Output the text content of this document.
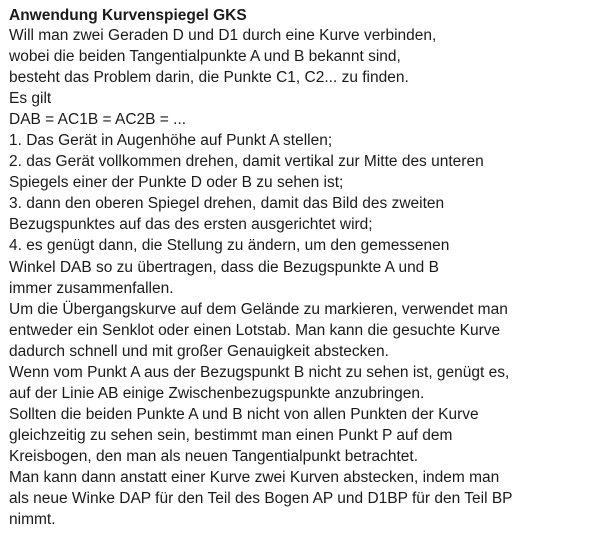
Anwendung Kurvenspiegel GKS
Will man zwei Geraden D und D1 durch eine Kurve verbinden,
wobei die beiden Tangentialpunkte A und B bekannt sind,
besteht das Problem darin, die Punkte C1, C2... zu finden.
Es gilt
DAB = AC1B = AC2B = ...
1. Das Gerät in Augenhöhe auf Punkt A stellen;
2. das Gerät vollkommen drehen, damit vertikal zur Mitte des unteren
Spiegels einer der Punkte D oder B zu sehen ist;
3. dann den oberen Spiegel drehen, damit das Bild des zweiten
Bezugspunktes auf das des ersten ausgerichtet wird;
4. es genügt dann, die Stellung zu ändern, um den gemessenen
Winkel DAB so zu übertragen, dass die Bezugspunkte A und B
immer zusammenfallen.
Um die Übergangskurve auf dem Gelände zu markieren, verwendet man
entweder ein Senklot oder einen Lotstab. Man kann die gesuchte Kurve
dadurch schnell und mit großer Genauigkeit abstecken.
Wenn vom Punkt A aus der Bezugspunkt B nicht zu sehen ist, genügt es,
auf der Linie AB einige Zwischenbezugspunkte anzubringen.
Sollten die beiden Punkte A und B nicht von allen Punkten der Kurve
gleichzeitig zu sehen sein, bestimmt man einen Punkt P auf dem
Kreisbogen, den man als neuen Tangentialpunkt betrachtet.
Man kann dann anstatt einer Kurve zwei Kurven abstecken, indem man
als neue Winke DAP für den Teil des Bogen AP und D1BP für den Teil BP
nimmt.
